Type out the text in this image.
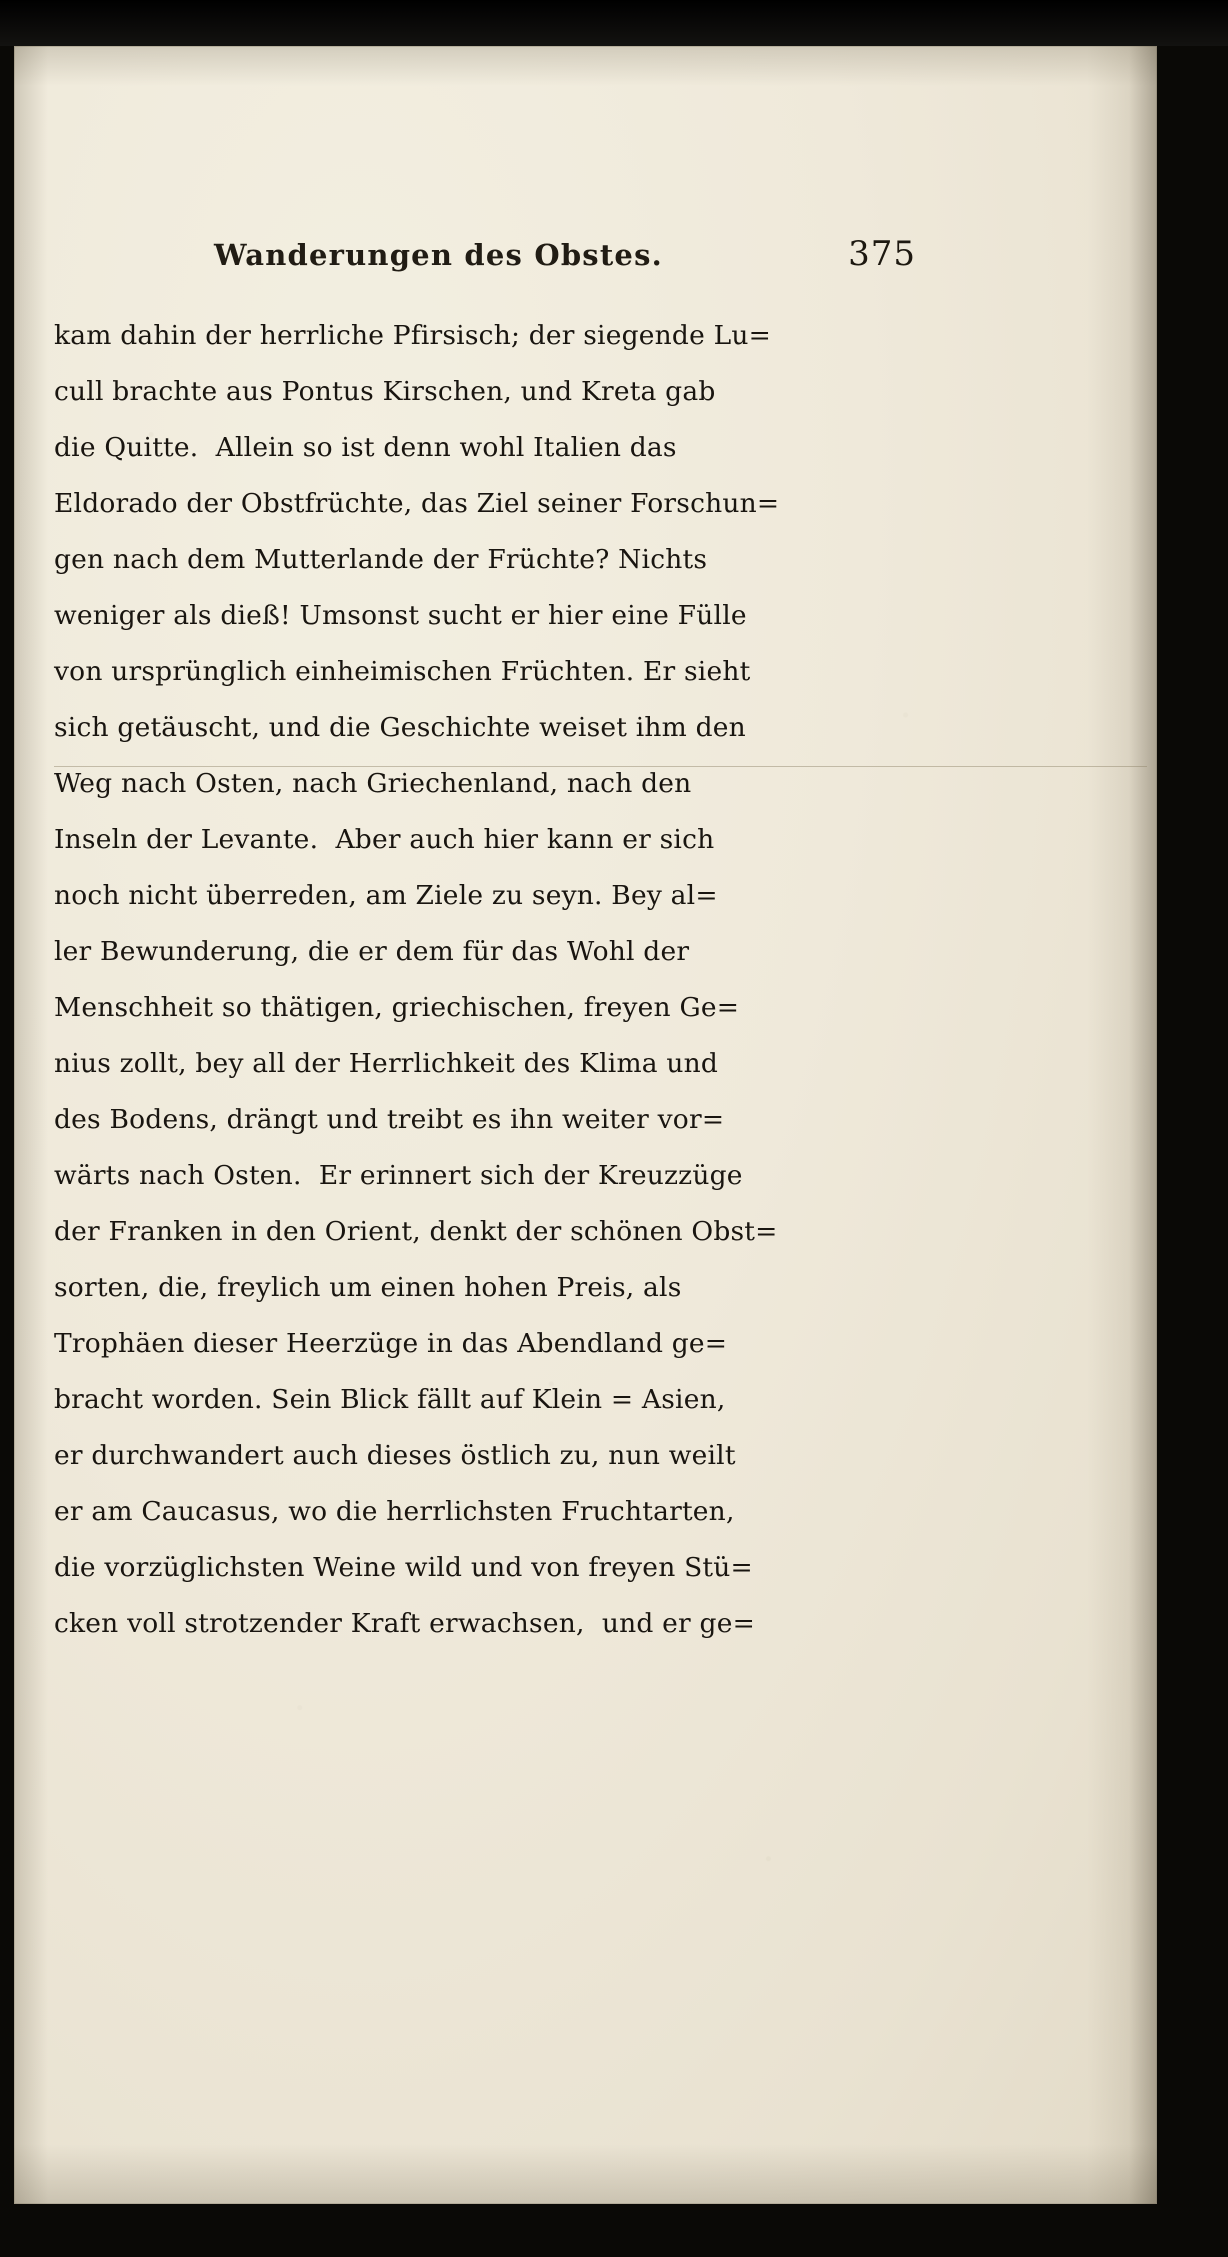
Wanderungen des Obstes.	375
kam dahin der herrliche Pfirsisch; der siegende Lu=
cull brachte aus Pontus Kirschen, und Kreta gab
die Quitte.  Allein so ist denn wohl Italien das
Eldorado der Obstfrüchte, das Ziel seiner Forschun=
gen nach dem Mutterlande der Früchte? Nichts
weniger als dieß! Umsonst sucht er hier eine Fülle
von ursprünglich einheimischen Früchten. Er sieht
sich getäuscht, und die Geschichte weiset ihm den
Weg nach Osten, nach Griechenland, nach den
Inseln der Levante.  Aber auch hier kann er sich
noch nicht überreden, am Ziele zu seyn. Bey al=
ler Bewunderung, die er dem für das Wohl der
Menschheit so thätigen, griechischen, freyen Ge=
nius zollt, bey all der Herrlichkeit des Klima und
des Bodens, drängt und treibt es ihn weiter vor=
wärts nach Osten.  Er erinnert sich der Kreuzzüge
der Franken in den Orient, denkt der schönen Obst=
sorten, die, freylich um einen hohen Preis, als
Trophäen dieser Heerzüge in das Abendland ge=
bracht worden. Sein Blick fällt auf Klein = Asien,
er durchwandert auch dieses östlich zu, nun weilt
er am Caucasus, wo die herrlichsten Fruchtarten,
die vorzüglichsten Weine wild und von freyen Stü=
cken voll strotzender Kraft erwachsen,  und er ge=
